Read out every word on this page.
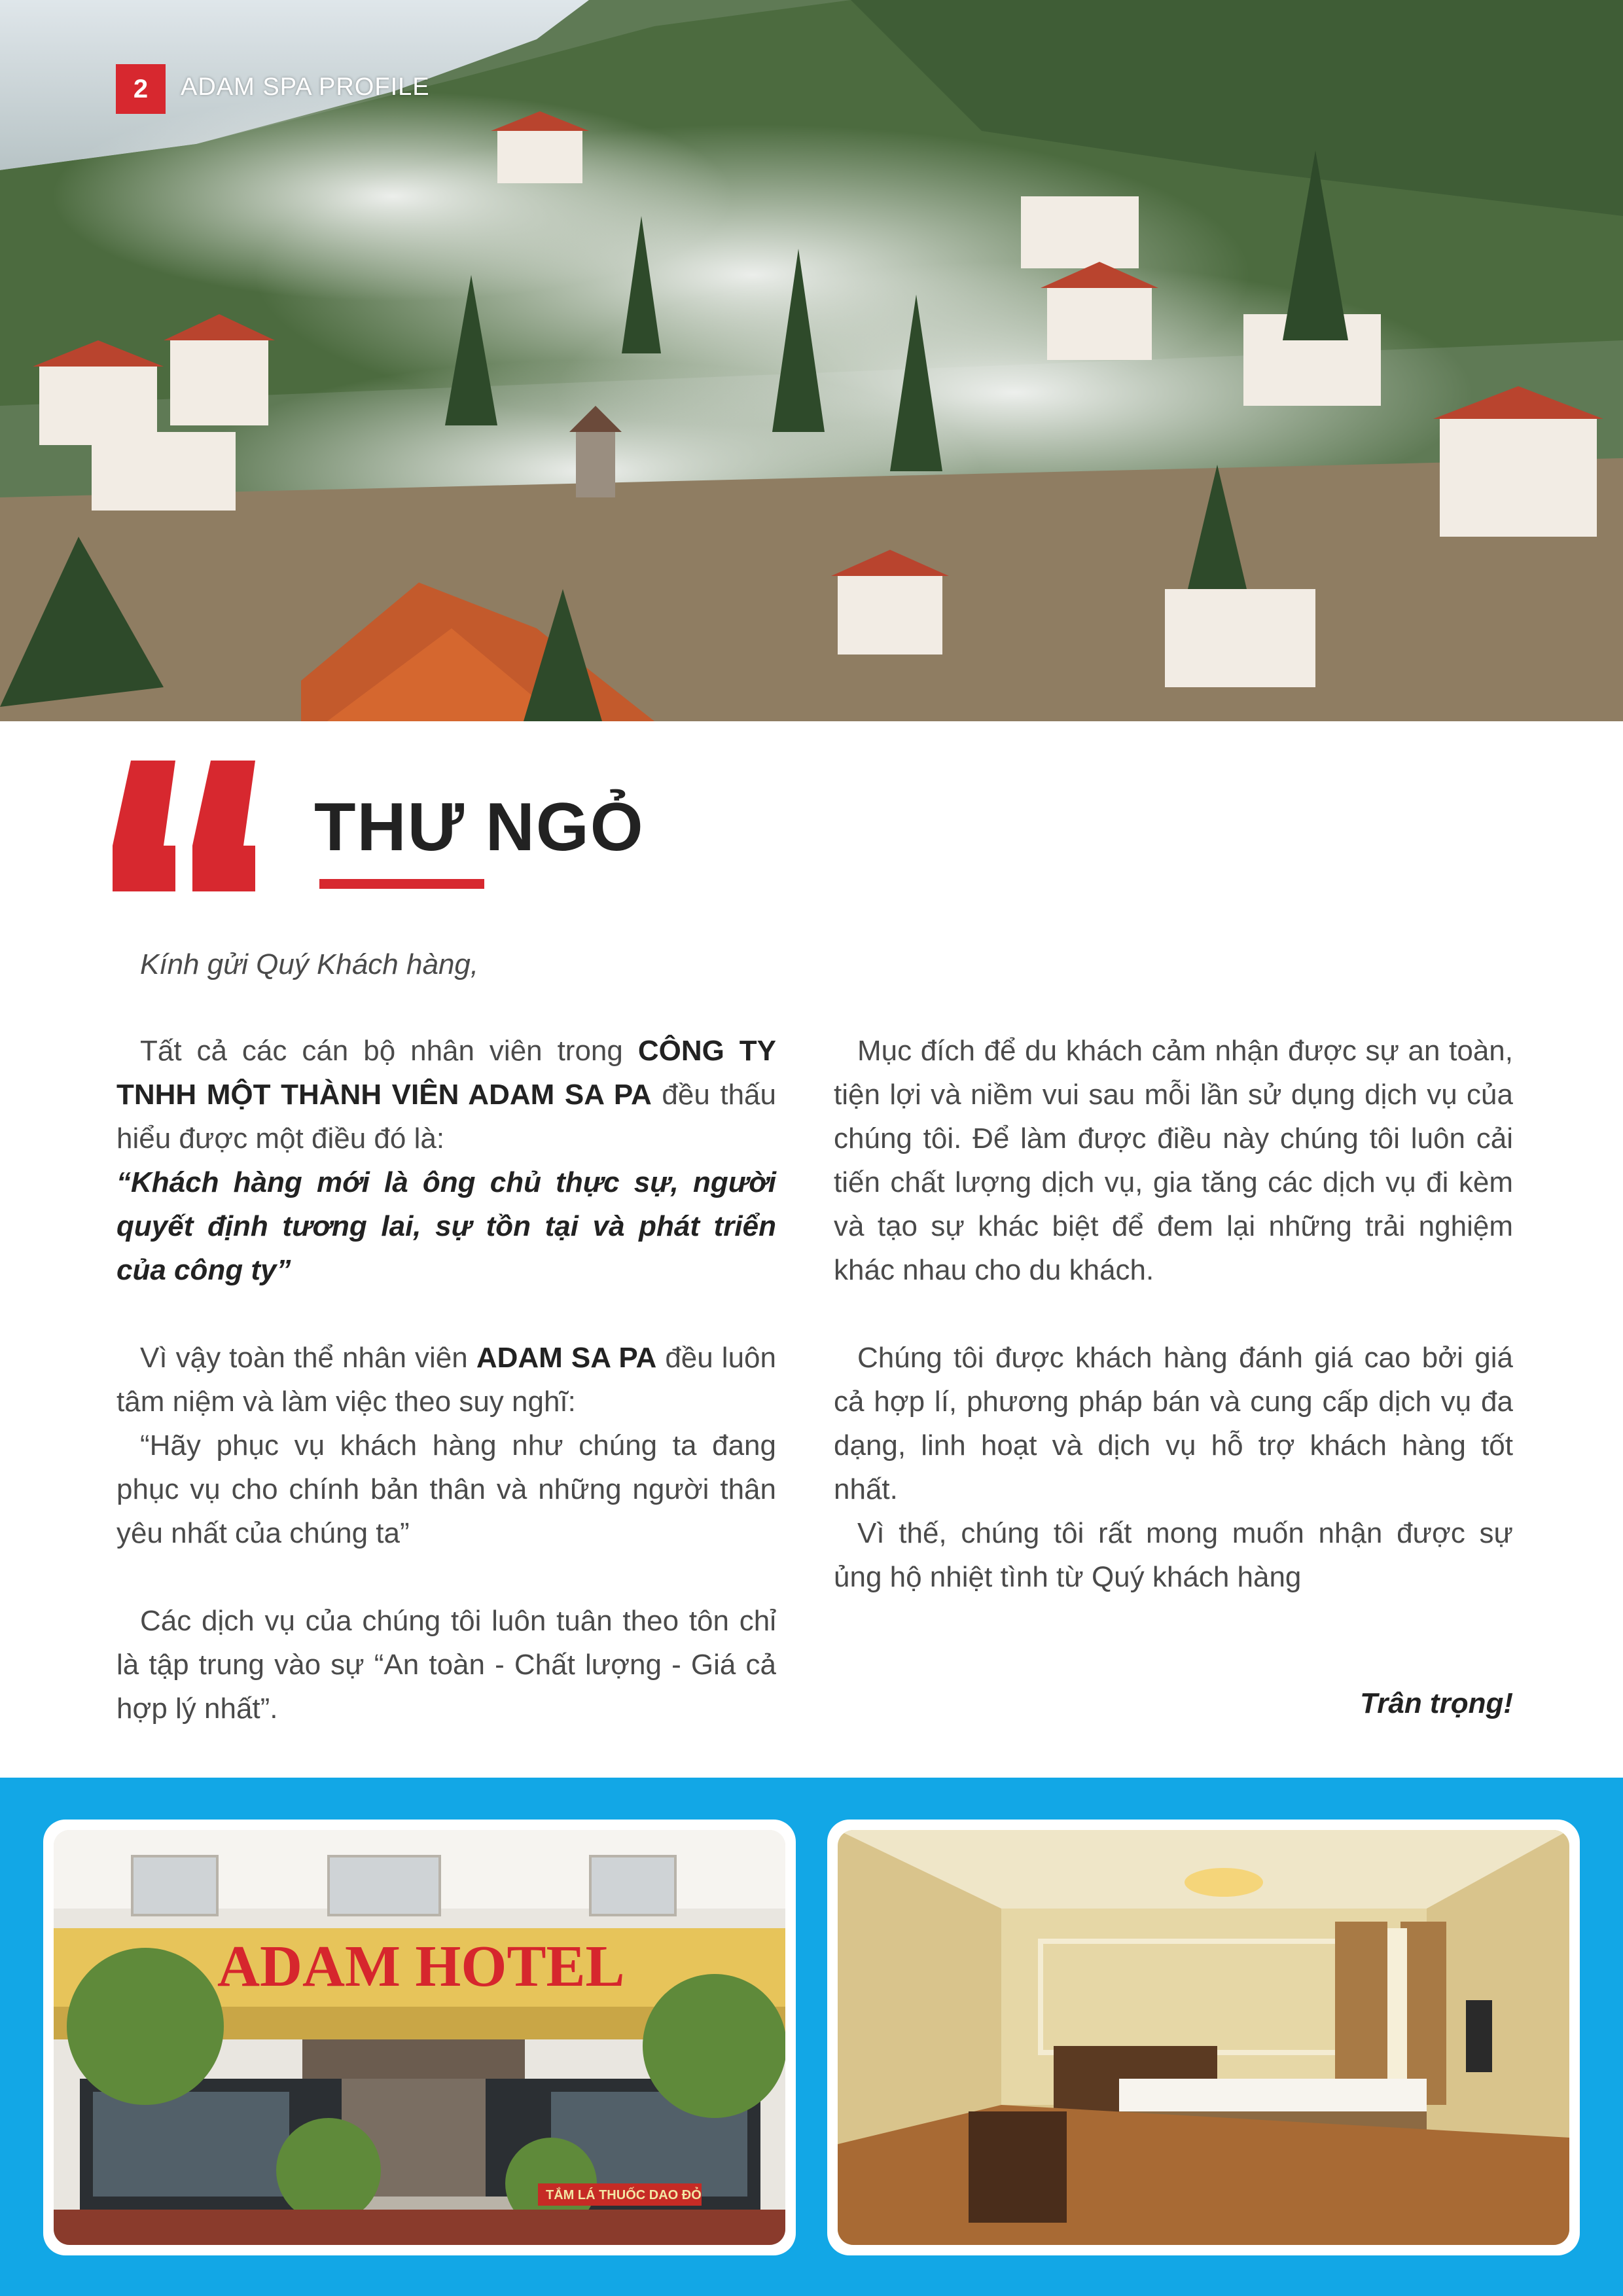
2	ADAM SPA PROFILE
THƯ NGỎ

Kính gửi Quý Khách hàng,

Tất cả các cán bộ nhân viên trong CÔNG TY TNHH MỘT THÀNH VIÊN ADAM SA PA đều thấu hiểu được một điều đó là:

“Khách hàng mới là ông chủ thực sự, người quyết định tương lai, sự tồn tại và phát triển của công ty”

Vì vậy toàn thể nhân viên ADAM SA PA đều luôn tâm niệm và làm việc theo suy nghĩ:

“Hãy phục vụ khách hàng như chúng ta đang phục vụ cho chính bản thân và những người thân yêu nhất của chúng ta”

Các dịch vụ của chúng tôi luôn tuân theo tôn chỉ là tập trung vào sự “An toàn - Chất lượng - Giá cả hợp lý nhất”.

Mục đích để du khách cảm nhận được sự an toàn, tiện lợi và niềm vui sau mỗi lần sử dụng dịch vụ của chúng tôi. Để làm được điều này chúng tôi luôn cải tiến chất lượng dịch vụ, gia tăng các dịch vụ đi kèm và tạo sự khác biệt để đem lại những trải nghiệm khác nhau cho du khách.

Chúng tôi được khách hàng đánh giá cao bởi giá cả hợp lí, phương pháp bán và cung cấp dịch vụ đa dạng, linh hoạt và dịch vụ hỗ trợ khách hàng tốt nhất.

Vì thế, chúng tôi rất mong muốn nhận được sự ủng hộ nhiệt tình từ Quý khách hàng

Trân trọng!
ADAM HOTEL
TẮM LÁ THUỐC DAO ĐỎ
